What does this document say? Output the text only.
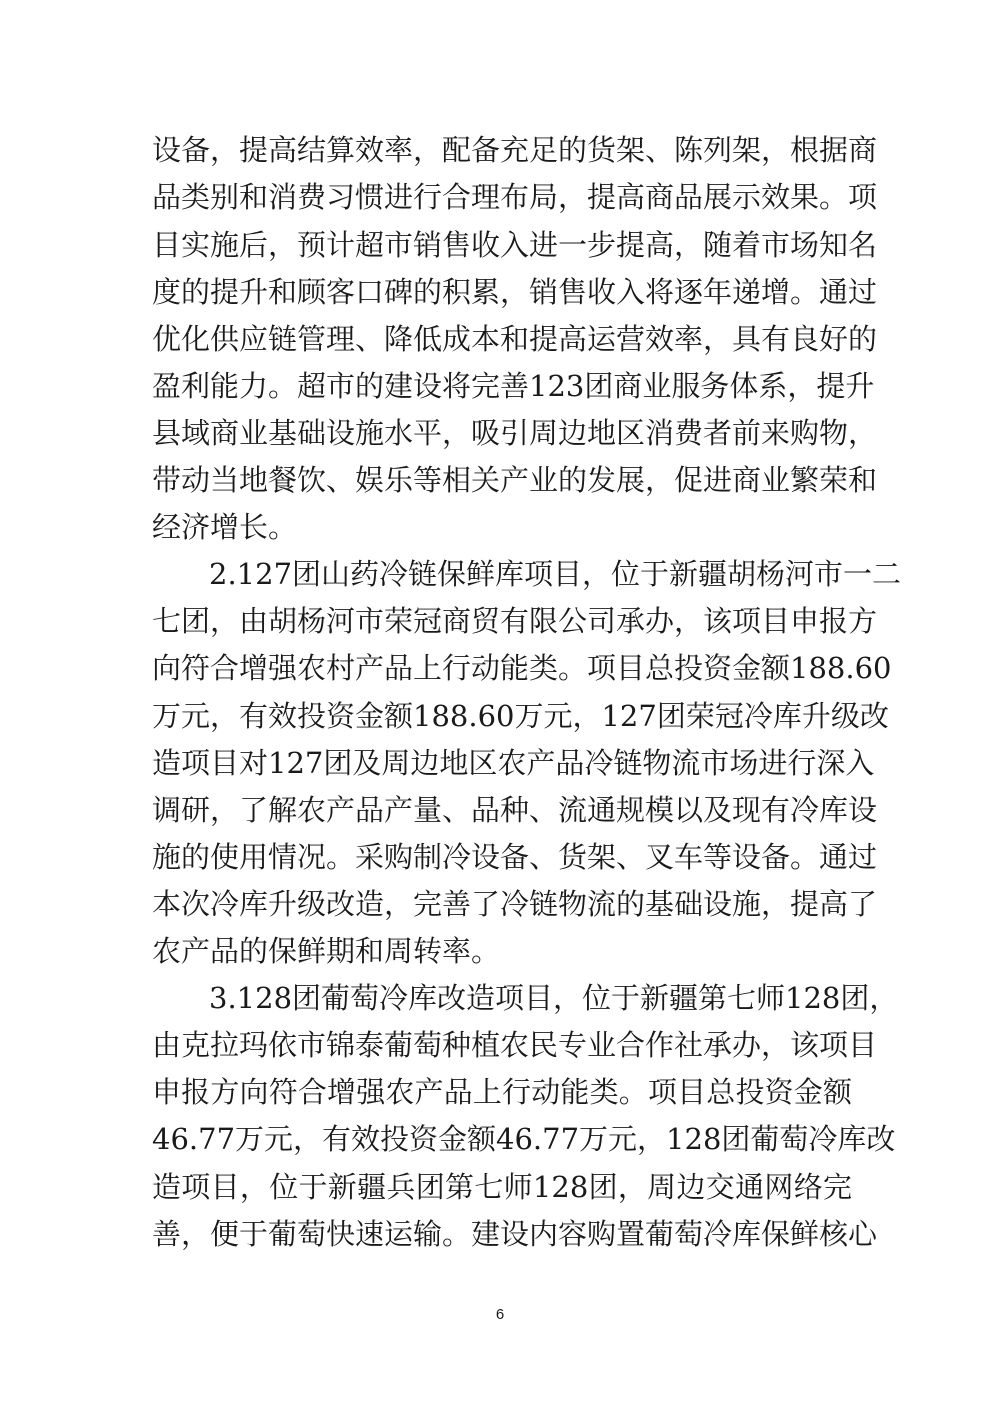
设备，提高结算效率，配备充足的货架、陈列架，根据商
品类别和消费习惯进行合理布局，提高商品展示效果。项
目实施后，预计超市销售收入进一步提高，随着市场知名
度的提升和顾客口碑的积累，销售收入将逐年递增。通过
优化供应链管理、降低成本和提高运营效率，具有良好的
盈利能力。超市的建设将完善123团商业服务体系，提升
县域商业基础设施水平，吸引周边地区消费者前来购物，
带动当地餐饮、娱乐等相关产业的发展，促进商业繁荣和
经济增长。
2.127团山药冷链保鲜库项目，位于新疆胡杨河市一二
七团，由胡杨河市荣冠商贸有限公司承办，该项目申报方
向符合增强农村产品上行动能类。项目总投资金额188.60
万元，有效投资金额188.60万元，127团荣冠冷库升级改
造项目对127团及周边地区农产品冷链物流市场进行深入
调研，了解农产品产量、品种、流通规模以及现有冷库设
施的使用情况。采购制冷设备、货架、叉车等设备。通过
本次冷库升级改造，完善了冷链物流的基础设施，提高了
农产品的保鲜期和周转率。
3.128团葡萄冷库改造项目，位于新疆第七师128团，
由克拉玛依市锦泰葡萄种植农民专业合作社承办，该项目
申报方向符合增强农产品上行动能类。项目总投资金额
46.77万元，有效投资金额46.77万元，128团葡萄冷库改
造项目，位于新疆兵团第七师128团，周边交通网络完
善，便于葡萄快速运输。建设内容购置葡萄冷库保鲜核心
6
